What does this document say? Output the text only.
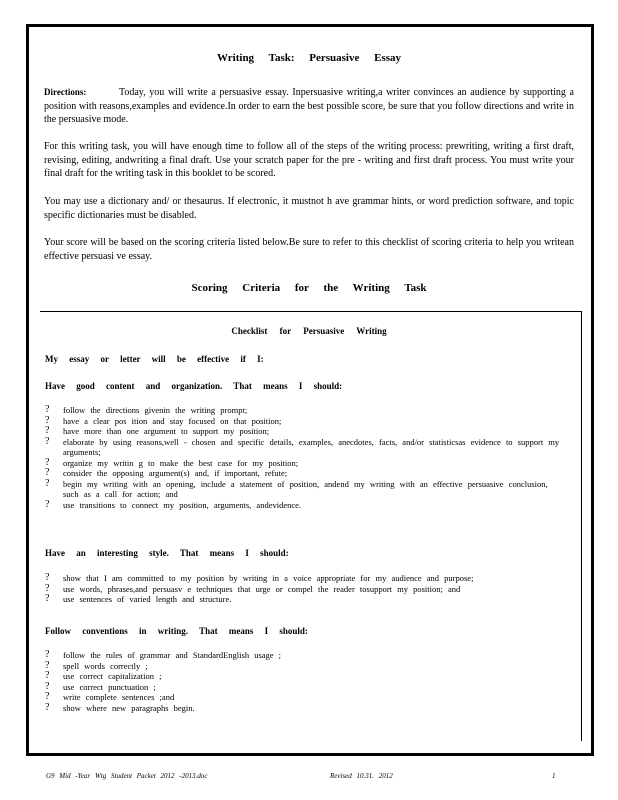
Writing Task: Persuasive Essay

Directions:	Today, you will write a persuasive essay. Inpersuasive writing,a writer convinces an audience by supporting a position with reasons,examples and evidence.In order to earn the best possible score, be sure that you follow directions and write in the persuasive mode.

For this writing task, you will have enough time to follow all of the steps of the writing process: prewriting, writing a first draft, revising, editing, andwriting a final draft. Use your scratch paper for the pre - writing and first draft process. You must write your final draft for the writing task in this booklet to be scored.

You may use a dictionary and/ or thesaurus. If electronic, it mustnot h ave grammar hints, or word prediction software, and topic specific dictionaries must be disabled.

Your score will be based on the scoring criteria listed below.Be sure to refer to this checklist of scoring criteria to help you writean effective persuasi ve essay.

Scoring Criteria for the Writing Task
Checklist for Persuasive Writing

My essay or letter will be effective if I:

Have good content and organization. That means I should:

?	follow the directions givenin the writing prompt;
?	have a clear pos ition and stay focused on that position;
?	have more than one argument to support my position;
?	elaborate by using reasons,well - chosen and specific details, examples, anecdotes, facts, and/or statisticsas evidence to support my arguments;
?	organize my writin g to make the best case for my position;
?	consider the opposing argument(s) and, if important, refute;
?	begin my writing with an opening, include a statement of position, andend my writing with an effective persuasive conclusion, such as a call for action; and
?	use transitions to connect my position, arguments, andevidence.

Have an interesting style. That means I should:

?	show that I am committed to my position by writing in a voice appropriate for my audience and purpose;
?	use words, phrases,and persuasv e techniques that urge or compel the reader tosupport my position; and
?	use sentences of varied length and structure.

Follow conventions in writing. That means I should:

?	follow the rules of grammar and StandardEnglish usage ;
?	spell words correctly ;
?	use correct capitalization ;
?	use correct punctuation ;
?	write complete sentences ;and
?	show where new paragraphs begin.

G9 Mid -Year Wtg Student Packet 2012 -2013.doc	Revised 10.31. 2012	1
